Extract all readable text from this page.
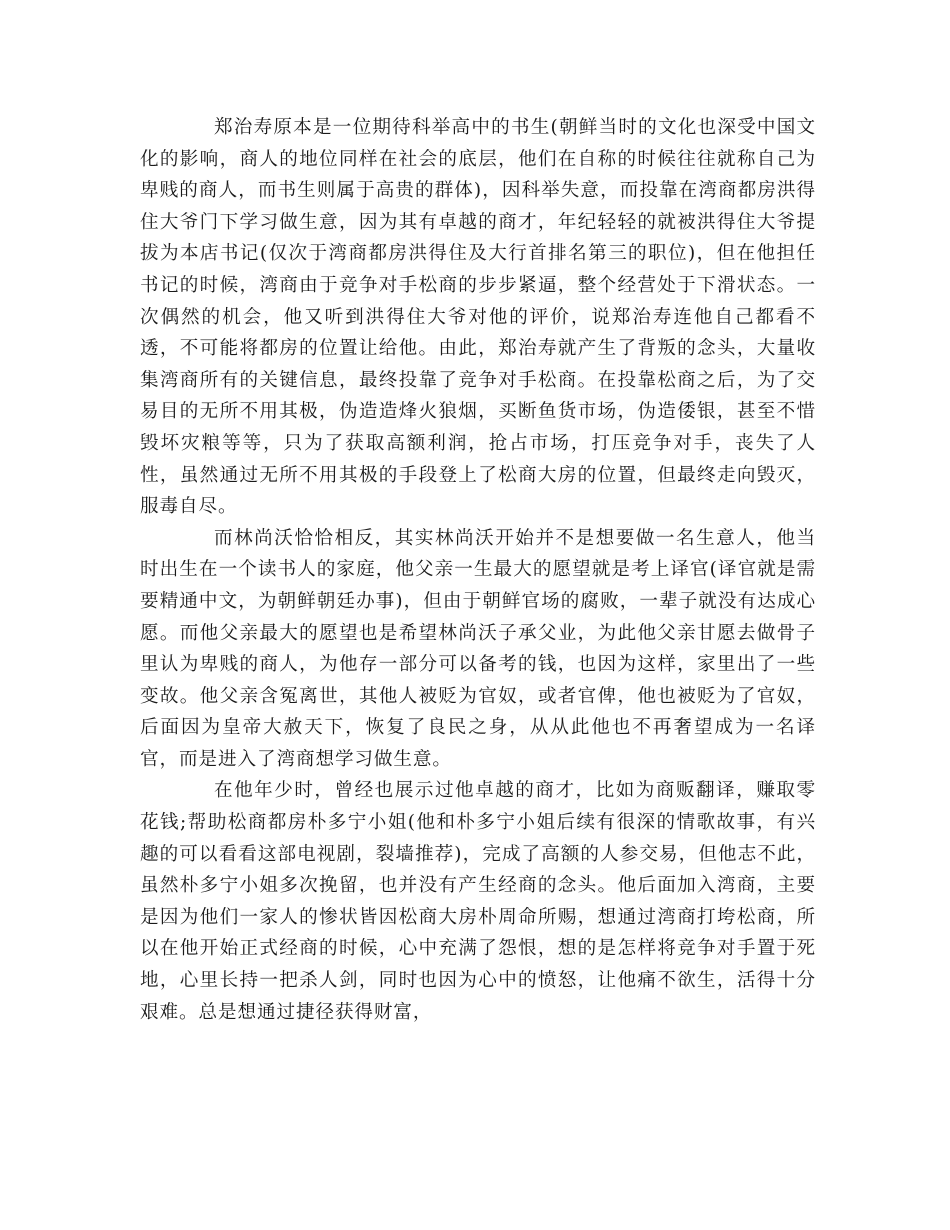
郑治寿原本是一位期待科举高中的书生(朝鲜当时的文化也深受中国文化的影响，商人的地位同样在社会的底层，他们在自称的时候往往就称自己为卑贱的商人，而书生则属于高贵的群体)，因科举失意，而投靠在湾商都房洪得住大爷门下学习做生意，因为其有卓越的商才，年纪轻轻的就被洪得住大爷提拔为本店书记(仅次于湾商都房洪得住及大行首排名第三的职位)，但在他担任书记的时候，湾商由于竞争对手松商的步步紧逼，整个经营处于下滑状态。一次偶然的机会，他又听到洪得住大爷对他的评价，说郑治寿连他自己都看不透，不可能将都房的位置让给他。由此，郑治寿就产生了背叛的念头，大量收集湾商所有的关键信息，最终投靠了竞争对手松商。在投靠松商之后，为了交易目的无所不用其极，伪造造烽火狼烟，买断鱼货市场，伪造倭银，甚至不惜毁坏灾粮等等，只为了获取高额利润，抢占市场，打压竞争对手，丧失了人性，虽然通过无所不用其极的手段登上了松商大房的位置，但最终走向毁灭，服毒自尽。

而林尚沃恰恰相反，其实林尚沃开始并不是想要做一名生意人，他当时出生在一个读书人的家庭，他父亲一生最大的愿望就是考上译官(译官就是需要精通中文，为朝鲜朝廷办事)，但由于朝鲜官场的腐败，一辈子就没有达成心愿。而他父亲最大的愿望也是希望林尚沃子承父业，为此他父亲甘愿去做骨子里认为卑贱的商人，为他存一部分可以备考的钱，也因为这样，家里出了一些变故。他父亲含冤离世，其他人被贬为官奴，或者官俾，他也被贬为了官奴，后面因为皇帝大赦天下，恢复了良民之身，从从此他也不再奢望成为一名译官，而是进入了湾商想学习做生意。

在他年少时，曾经也展示过他卓越的商才，比如为商贩翻译，赚取零花钱;帮助松商都房朴多宁小姐(他和朴多宁小姐后续有很深的情歌故事，有兴趣的可以看看这部电视剧，裂墙推荐)，完成了高额的人参交易，但他志不此，虽然朴多宁小姐多次挽留，也并没有产生经商的念头。他后面加入湾商，主要是因为他们一家人的惨状皆因松商大房朴周命所赐，想通过湾商打垮松商，所以在他开始正式经商的时候，心中充满了怨恨，想的是怎样将竞争对手置于死地，心里长持一把杀人剑，同时也因为心中的愤怒，让他痛不欲生，活得十分艰难。总是想通过捷径获得财富，
